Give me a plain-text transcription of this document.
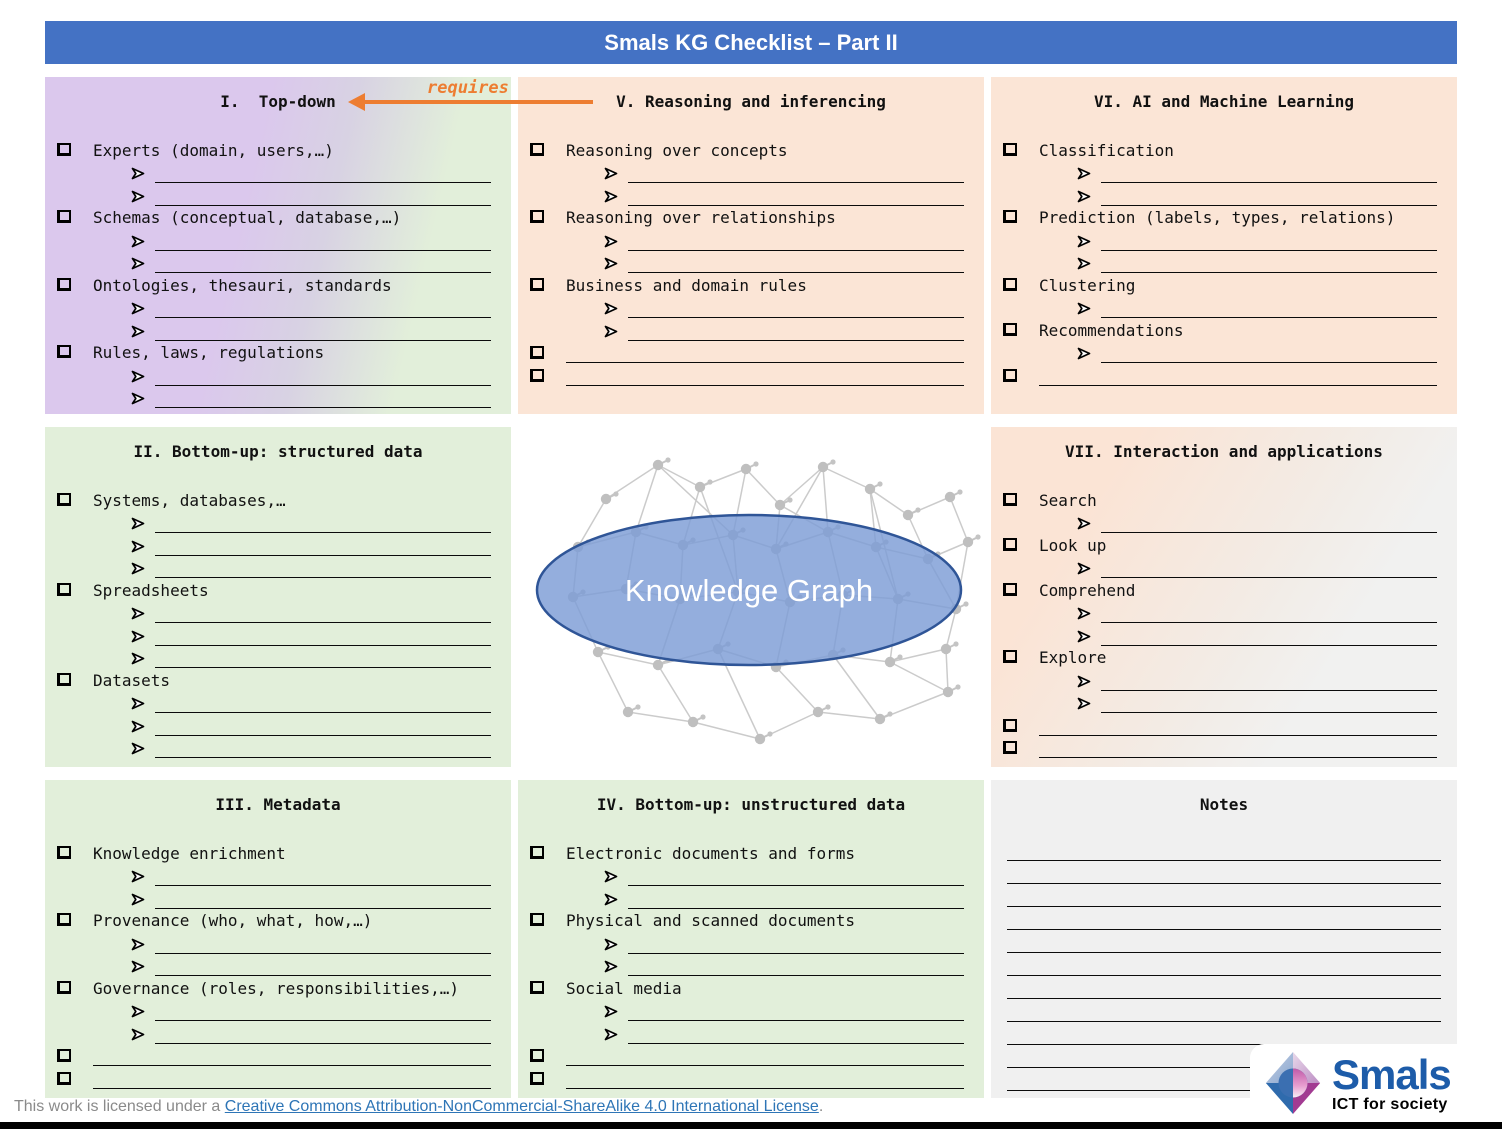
Smals KG Checklist – Part II
I.  Top-down
Experts (domain, users,…)
Schemas (conceptual, database,…)
Ontologies, thesauri, standards
Rules, laws, regulations
V. Reasoning and inferencing
Reasoning over concepts
Reasoning over relationships
Business and domain rules
VI. AI and Machine Learning
Classification
Prediction (labels, types, relations)
Clustering
Recommendations
II. Bottom-up: structured data
Systems, databases,…
Spreadsheets
Datasets
Knowledge Graph
VII. Interaction and applications
Search
Look up
Comprehend
Explore
III. Metadata
Knowledge enrichment
Provenance (who, what, how,…)
Governance (roles, responsibilities,…)
IV. Bottom-up: unstructured data
Electronic documents and forms
Physical and scanned documents
Social media
Notes
requires
This work is licensed under a Creative Commons Attribution-NonCommercial-ShareAlike 4.0 International License.
Smals
ICT for society
